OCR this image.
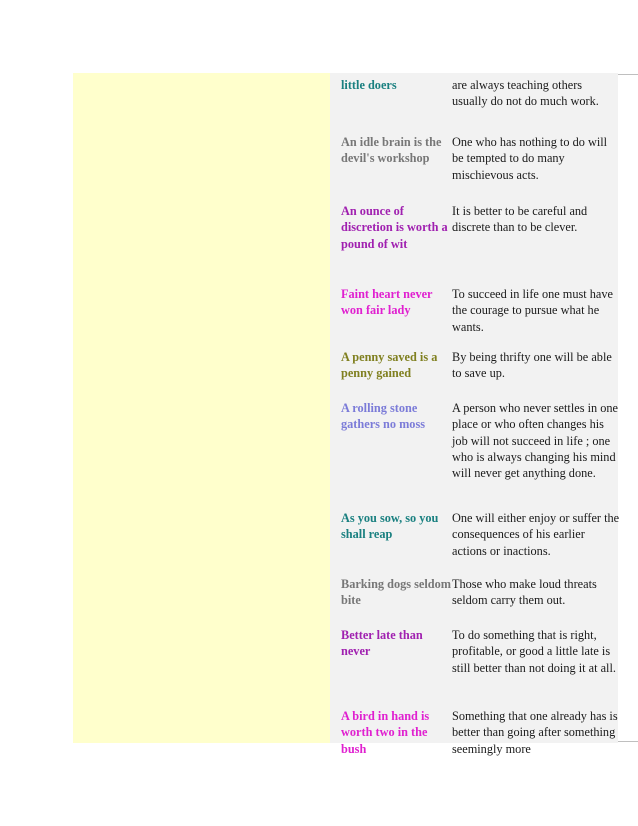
little doers	are always teaching others usually do not do much work.
An idle brain is the devil's workshop
One who has nothing to do will be tempted to do many mischievous acts.
An ounce of discretion is worth a pound of wit
It is better to be careful and discrete than to be clever.
Faint heart never won fair lady
To succeed in life one must have the courage to pursue what he wants.
A penny saved is a penny gained
By being thrifty one will be able to save up.
A rolling stone gathers no moss
A person who never settles in one place or who often changes his job will not succeed in life ; one who is always changing his mind will never get anything done.
As you sow, so you shall reap
One will either enjoy or suffer the consequences of his earlier actions or inactions.
Barking dogs seldom bite
Those who make loud threats seldom carry them out.
Better late than never
To do something that is right, profitable, or good a little late is still better than not doing it at all.
A bird in hand is worth two in the bush
Something that one already has is better than going after something seemingly more
